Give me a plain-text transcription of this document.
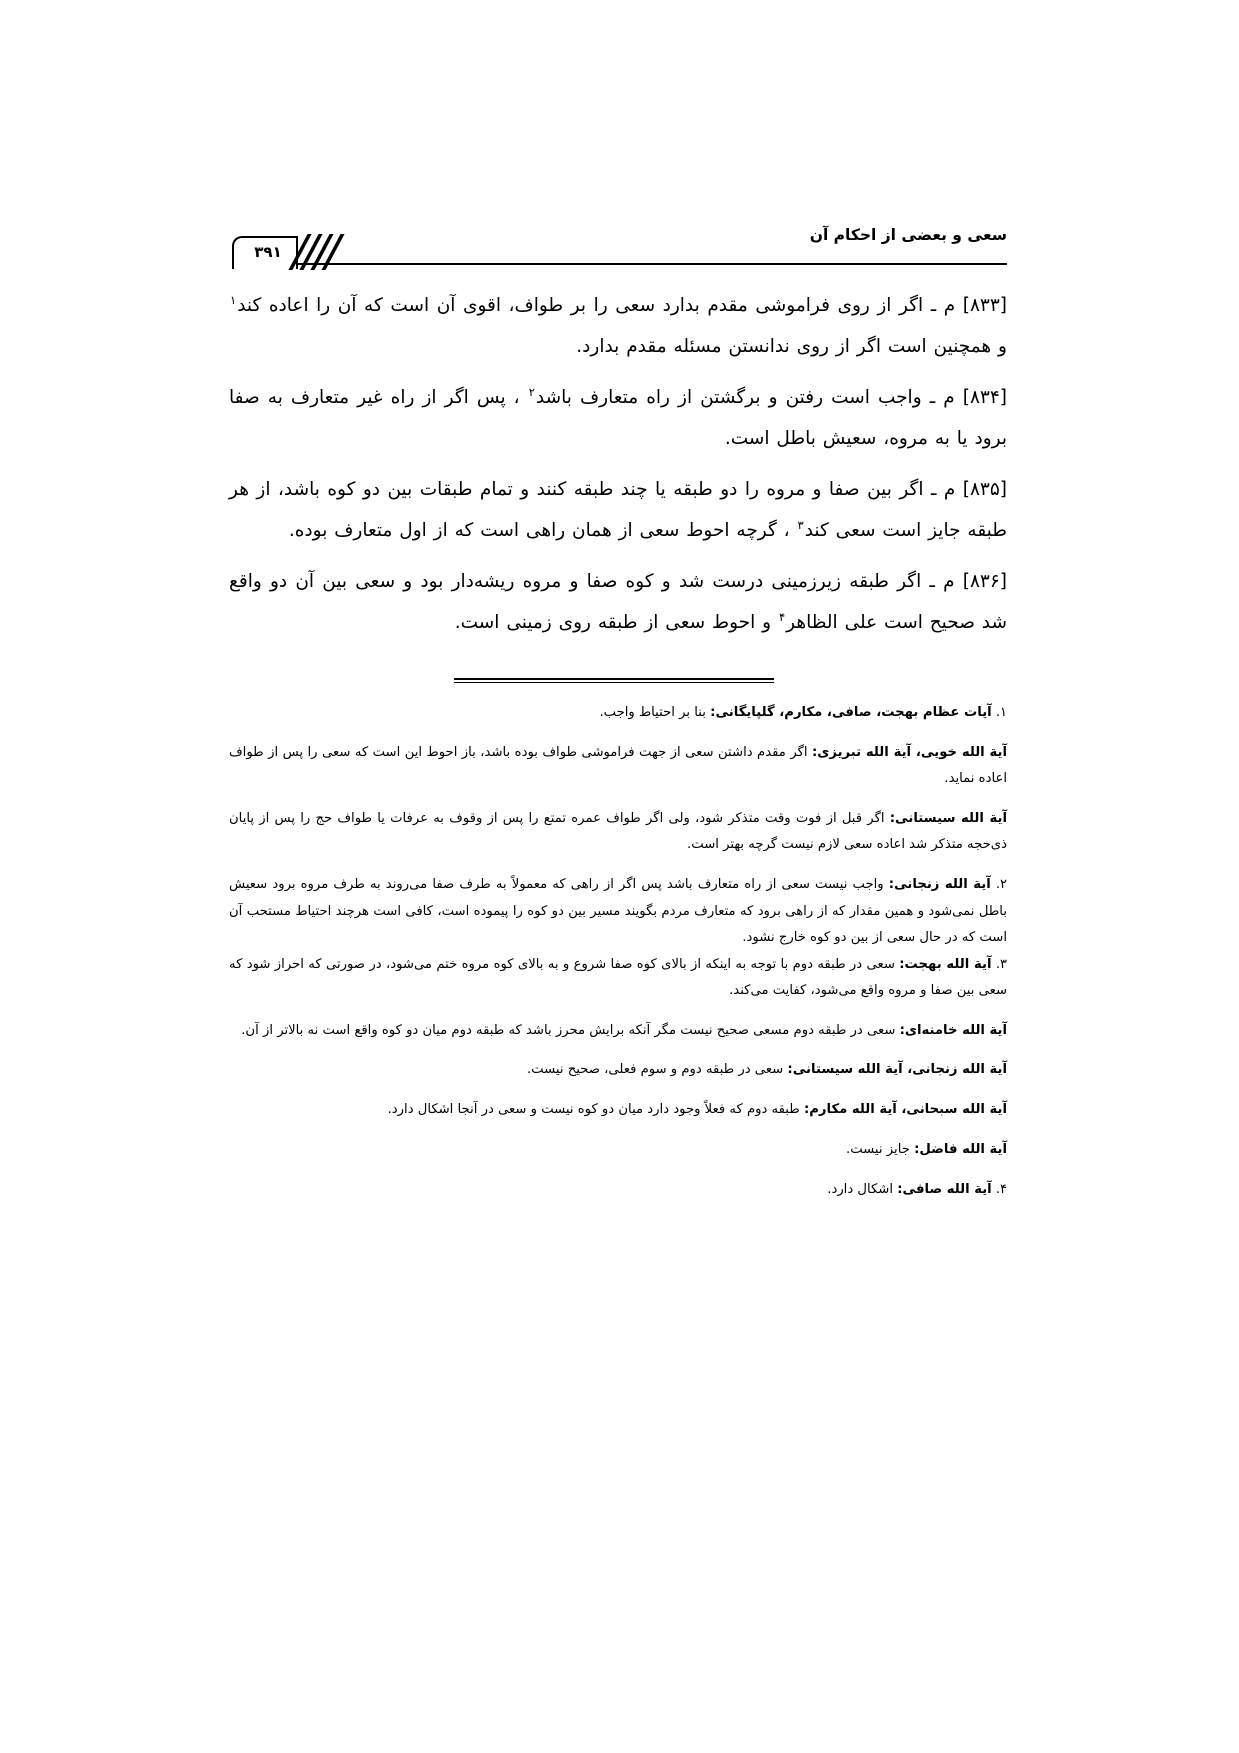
سعی و بعضی از احکام آن
۳۹۱

[۸۳۳] م ـ اگر از روی فراموشی مقدم بدارد سعی را بر طواف، اقوی آن است که آن را اعاده کند$^۱$ و همچنین است اگر از روی ندانستن مسئله مقدم بدارد.

[۸۳۴] م ـ واجب است رفتن و برگشتن از راه متعارف باشد$^۲$ ، پس اگر از راه غیر متعارف به صفا برود یا به مروه، سعیش باطل است.

[۸۳۵] م ـ اگر بین صفا و مروه را دو طبقه یا چند طبقه کنند و تمام طبقات بین دو کوه باشد، از هر طبقه جایز است سعی کند$^۳$ ، گرچه احوط سعی از همان راهی است که از اول متعارف بوده.

[۸۳۶] م ـ اگر طبقه زیرزمینی درست شد و کوه صفا و مروه ریشه‌دار بود و سعی بین آن دو واقع شد صحیح است علی الظاهر$^۴$ و احوط سعی از طبقه روی زمینی است.

۱. آیات عظام بهجت، صافی، مکارم، گلپایگانی: بنا بر احتیاط واجب.

آیة الله خویی، آیة الله تبریزی: اگر مقدم داشتن سعی از جهت فراموشی طواف بوده باشد، باز احوط این است که سعی را پس از طواف اعاده نماید.

آیة الله سیستانی: اگر قبل از فوت وقت متذکر شود، ولی اگر طواف عمره تمتع را پس از وقوف به عرفات یا طواف حج را پس از پایان ذی‌حجه متذکر شد اعاده سعی لازم نیست گرچه بهتر است.

۲. آیة الله زنجانی: واجب نیست سعی از راه متعارف باشد پس اگر از راهی که معمولاً به طرف صفا می‌روند به طرف مروه برود سعیش باطل نمی‌شود و همین مقدار که از راهی برود که متعارف مردم بگویند مسیر بین دو کوه را پیموده است، کافی است هرچند احتیاط مستحب آن است که در حال سعی از بین دو کوه خارج نشود.

۳. آیة الله بهجت: سعی در طبقه دوم با توجه به اینکه از بالای کوه صفا شروع و به بالای کوه مروه ختم می‌شود، در صورتی که احراز شود که سعی بین صفا و مروه واقع می‌شود، کفایت می‌کند.

آیة الله خامنه‌ای: سعی در طبقه دوم مسعی صحیح نیست مگر آنکه برایش محرز باشد که طبقه دوم میان دو کوه واقع است نه بالاتر از آن.

آیة الله زنجانی، آیة الله سیستانی: سعی در طبقه دوم و سوم فعلی، صحیح نیست.

آیة الله سبحانی، آیة الله مکارم: طبقه دوم که فعلاً وجود دارد میان دو کوه نیست و سعی در آنجا اشکال دارد.

آیة الله فاضل: جایز نیست.

۴. آیة الله صافی: اشکال دارد.
